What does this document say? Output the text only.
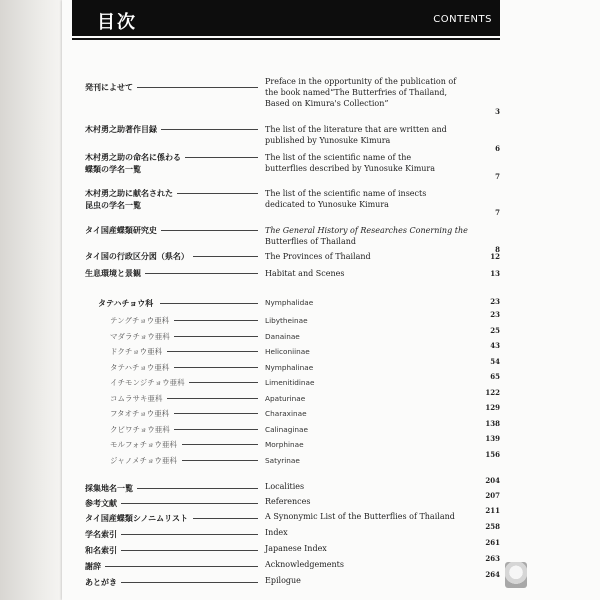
目次	CONTENTS
発刊によせて
Preface in the opportunity of the publication of
the book named“The Butterfries of Thailand,
Based on Kimura's Collection”
3
木村勇之助著作目録	The list of the literature that are written and
published by Yunosuke Kimura
6
木村勇之助の命名に係わる
蝶類の学名一覧
The list of the scientific name of the
butterflies described by Yunosuke Kimura
7
木村勇之助に献名された
昆虫の学名一覧
The list of the scientific name of insects
dedicated to Yunosuke Kimura
7
タイ国産蝶類研究史	The General History of Researches Conerning the
Butterflies of Thailand
8
タイ国の行政区分図（県名）	The Provinces of Thailand	12
生息環境と景観	Habitat and Scenes	13
タテハチョウ科	Nymphalidae	23
テングチョウ亜科	Libytheinae
23
マダラチョウ亜科	Danainae
25
ドクチョウ亜科	Heliconiinae
43
タテハチョウ亜科	Nymphalinae
54
イチモンジチョウ亜科	Limenitidinae
65
コムラサキ亜科	Apaturinae
122
フタオチョウ亜科	Charaxinae
129
クビワチョウ亜科	Calinaginae
138
モルフォチョウ亜科	Morphinae
139
ジャノメチョウ亜科	Satyrinae
156
採集地名一覧	Localities
204
参考文献	References
207
タイ国産蝶類シノニムリスト	A Synonymic List of the Butterflies of Thailand
211
学名索引	Index
258
和名索引	Japanese Index
261
謝辞	Acknowledgements
263
あとがき	Epilogue
264
